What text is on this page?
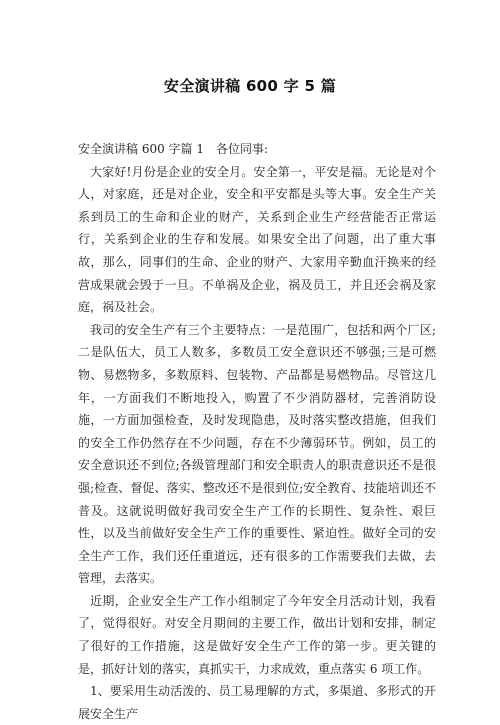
安全演讲稿 600 字 5 篇

安全演讲稿 600 字篇 1　各位同事:

大家好!月份是企业的安全月。安全第一，平安是福。无论是对个人，对家庭，还是对企业，安全和平安都是头等大事。安全生产关系到员工的生命和企业的财产，关系到企业生产经营能否正常运行，关系到企业的生存和发展。如果安全出了问题，出了重大事故，那么，同事们的生命、企业的财产、大家用辛勤血汗换来的经营成果就会毁于一旦。不单祸及企业，祸及员工，并且还会祸及家庭，祸及社会。

我司的安全生产有三个主要特点：一是范围广，包括和两个厂区;二是队伍大，员工人数多，多数员工安全意识还不够强;三是可燃物、易燃物多，多数原料、包装物、产品都是易燃物品。尽管这几年，一方面我们不断地投入，购置了不少消防器材，完善消防设施，一方面加强检查，及时发现隐患，及时落实整改措施，但我们的安全工作仍然存在不少问题，存在不少薄弱环节。例如，员工的安全意识还不到位;各级管理部门和安全职责人的职责意识还不是很强;检查、督促、落实、整改还不是很到位;安全教育、技能培训还不普及。这就说明做好我司安全生产工作的长期性、复杂性、艰巨性，以及当前做好安全生产工作的重要性、紧迫性。做好全司的安全生产工作，我们还任重道远，还有很多的工作需要我们去做，去管理，去落实。

近期，企业安全生产工作小组制定了今年安全月活动计划，我看了，觉得很好。对安全月期间的主要工作，做出计划和安排，制定了很好的工作措施，这是做好安全生产工作的第一步。更关键的是，抓好计划的落实，真抓实干，力求成效，重点落实 6 项工作。

1、要采用生动活泼的、员工易理解的方式，多渠道、多形式的开展安全生产
